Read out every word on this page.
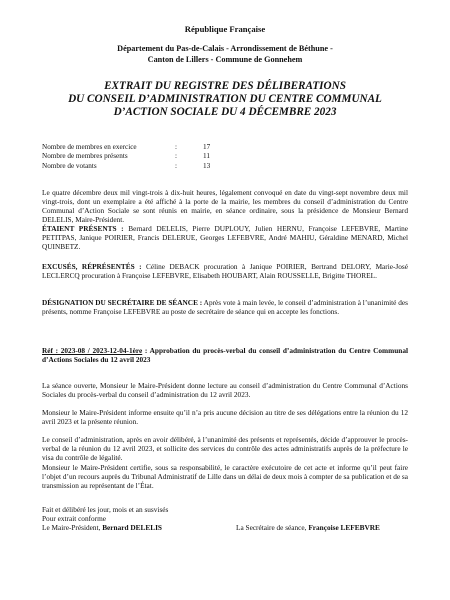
République Française
Département du Pas-de-Calais - Arrondissement de Béthune -
Canton de Lillers - Commune de Gonnehem
EXTRAIT DU REGISTRE DES DÉLIBERATIONS
DU CONSEIL D’ADMINISTRATION DU CENTRE COMMUNAL
D’ACTION SOCIALE DU 4 DÉCEMBRE 2023
Nombre de membres en exercice	:	17
Nombre de membres présents	:	11
Nombre de votants	:	13

Le quatre décembre deux mil vingt-trois à dix-huit heures, légalement convoqué en date du vingt-sept novembre deux mil vingt-trois, dont un exemplaire a été affiché à la porte de la mairie, les membres du conseil d’administration du Centre Communal d’Action Sociale se sont réunis en mairie, en séance ordinaire, sous la présidence de Monsieur Bernard DELELIS, Maire-Président.

ÉTAIENT PRÉSENTS : Bernard DELELIS, Pierre DUPLOUY, Julien HERNU, Françoise LEFEBVRE, Martine PETITPAS, Janique POIRIER, Francis DELERUE, Georges LEFEBVRE, André MAHIU, Géraldine MENARD, Michel QUINBETZ.

EXCUSÉS, RÉPRÉSENTÉS : Céline DEBACK procuration à Janique POIRIER, Bertrand DELORY, Marie-José LECLERCQ procuration à Françoise LEFEBVRE, Elisabeth HOUBART, Alain ROUSSELLE, Brigitte THOREL.

DÉSIGNATION DU SECRÉTAIRE DE SÉANCE : Après vote à main levée, le conseil d’administration à l’unanimité des présents, nomme Françoise LEFEBVRE au poste de secrétaire de séance qui en accepte les fonctions.

Réf : 2023-08 / 2023-12-04-1ère : Approbation du procès-verbal du conseil d’administration du Centre Communal d’Actions Sociales du 12 avril 2023

La séance ouverte, Monsieur le Maire-Président donne lecture au conseil d’administration du Centre Communal d’Actions Sociales du procès-verbal du conseil d’administration du 12 avril 2023.

Monsieur le Maire-Président informe ensuite qu’il n’a pris aucune décision au titre de ses délégations entre la réunion du 12 avril 2023 et la présente réunion.

Le conseil d’administration, après en avoir délibéré, à l’unanimité des présents et représentés, décide d’approuver le procès-verbal de la réunion du 12 avril 2023, et sollicite des services du contrôle des actes administratifs auprès de la préfecture le visa du contrôle de légalité.

Monsieur le Maire-Président certifie, sous sa responsabilité, le caractère exécutoire de cet acte et informe qu’il peut faire l’objet d’un recours auprès du Tribunal Administratif de Lille dans un délai de deux mois à compter de sa publication et de sa transmission au représentant de l’État.

Fait et délibéré les jour, mois et an susvisés
Pour extrait conforme
Le Maire-Président, Bernard DELELIS	La Secrétaire de séance, Françoise LEFEBVRE
